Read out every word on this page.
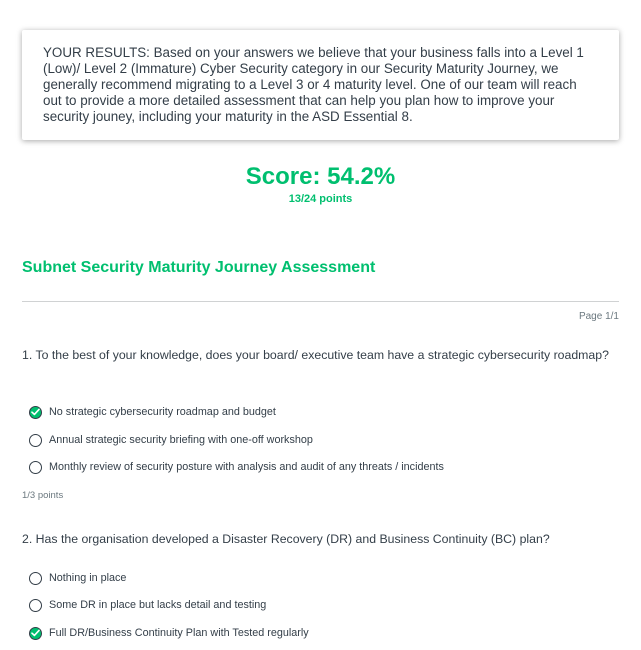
YOUR RESULTS: Based on your answers we believe that your business falls into a Level 1 (Low)/ Level 2 (Immature) Cyber Security category in our Security Maturity Journey, we generally recommend migrating to a Level 3 or 4 maturity level. One of our team will reach out to provide a more detailed assessment that can help you plan how to improve your security jouney, including your maturity in the ASD Essential 8.

Score: 54.2%
13/24 points
Subnet Security Maturity Journey Assessment
Page 1/1
1. To the best of your knowledge, does your board/ executive team have a strategic cybersecurity roadmap?
No strategic cybersecurity roadmap and budget
Annual strategic security briefing with one-off workshop
Monthly review of security posture with analysis and audit of any threats / incidents
1/3 points
2. Has the organisation developed a Disaster Recovery (DR) and Business Continuity (BC) plan?
Nothing in place
Some DR in place but lacks detail and testing
Full DR/Business Continuity Plan with Tested regularly
